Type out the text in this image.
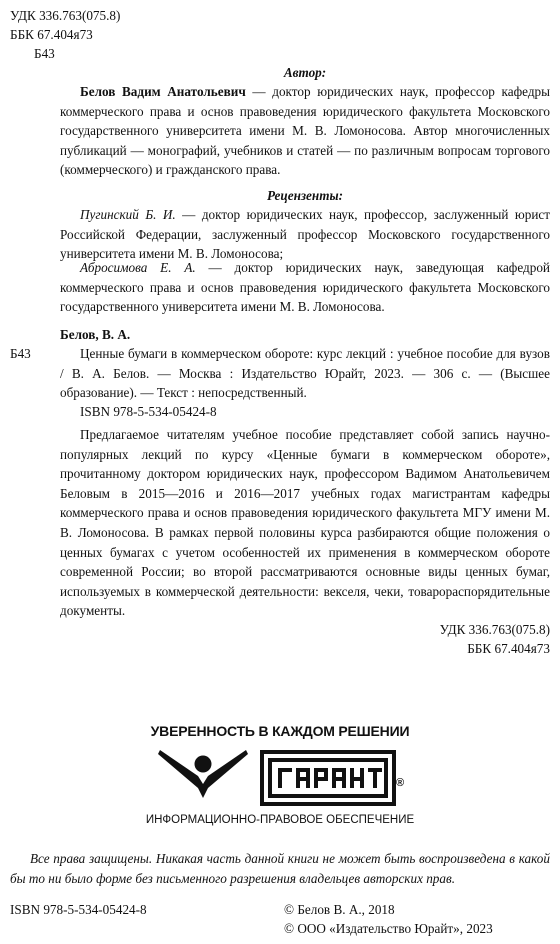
УДК 336.763(075.8)
ББК 67.404я73
Б43
Автор:

Белов Вадим Анатольевич — доктор юридических наук, профессор кафедры коммерческого права и основ правоведения юридического факультета Московского государственного университета имени М. В. Ломоносова. Автор многочисленных публикаций — монографий, учебников и статей — по различным вопросам торгового (коммерческого) и гражданского права.

Рецензенты:

Пугинский Б. И. — доктор юридических наук, профессор, заслуженный юрист Российской Федерации, заслуженный профессор Московского государственного университета имени М. В. Ломоносова;

Абросимова Е. А. — доктор юридических наук, заведующая кафедрой коммерческого права и основ правоведения юридического факультета Московского государственного университета имени М. В. Ломоносова.

Белов, В. А.
Б43	Ценные бумаги в коммерческом обороте: курс лекций : учебное пособие для вузов / В. А. Белов. — Москва : Издательство Юрайт, 2023. — 306 с. — (Высшее образование). — Текст : непосредственный.

ISBN 978-5-534-05424-8

Предлагаемое читателям учебное пособие представляет собой запись научно-популярных лекций по курсу «Ценные бумаги в коммерческом обороте», прочитанному доктором юридических наук, профессором Вадимом Анатольевичем Беловым в 2015—2016 и 2016—2017 учебных годах магистрантам кафедры коммерческого права и основ правоведения юридического факультета МГУ имени М. В. Ломоносова. В рамках первой половины курса разбираются общие положения о ценных бумагах с учетом особенностей их применения в коммерческом обороте современной России; во второй рассматриваются основные виды ценных бумаг, используемых в коммерческой деятельности: векселя, чеки, товарораспорядительные документы.

УДК 336.763(075.8)
ББК 67.404я73
УВЕРЕННОСТЬ В КАЖДОМ РЕШЕНИИ
®
ИНФОРМАЦИОННО-ПРАВОВОЕ ОБЕСПЕЧЕНИЕ

Все права защищены. Никакая часть данной книги не может быть воспроизведена в какой бы то ни было форме без письменного разрешения владельцев авторских прав.

ISBN 978-5-534-05424-8	© Белов В. А., 2018
© ООО «Издательство Юрайт», 2023
